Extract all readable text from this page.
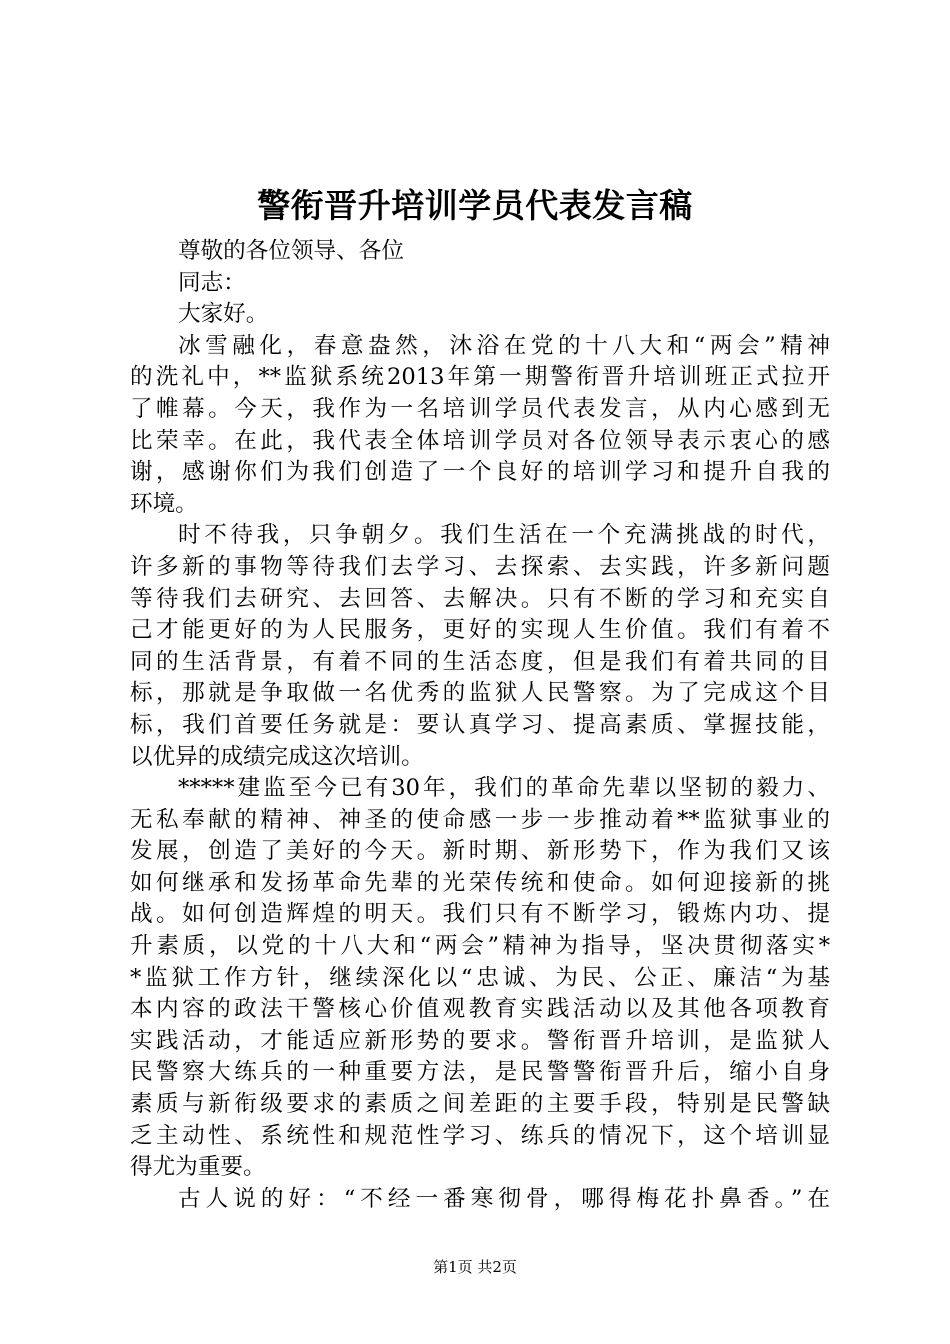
警衔晋升培训学员代表发言稿

尊敬的各位领导、各位
同志：

大家好。

冰雪融化，春意盎然，沐浴在党的十八大和“两会”精神
的洗礼中，**监狱系统2013年第一期警衔晋升培训班正式拉开
了帷幕。今天，我作为一名培训学员代表发言，从内心感到无
比荣幸。在此，我代表全体培训学员对各位领导表示衷心的感
谢，感谢你们为我们创造了一个良好的培训学习和提升自我的
环境。

时不待我，只争朝夕。我们生活在一个充满挑战的时代，
许多新的事物等待我们去学习、去探索、去实践，许多新问题
等待我们去研究、去回答、去解决。只有不断的学习和充实自
己才能更好的为人民服务，更好的实现人生价值。我们有着不
同的生活背景，有着不同的生活态度，但是我们有着共同的目
标，那就是争取做一名优秀的监狱人民警察。为了完成这个目
标，我们首要任务就是：要认真学习、提高素质、掌握技能，
以优异的成绩完成这次培训。

*****建监至今已有30年，我们的革命先辈以坚韧的毅力、
无私奉献的精神、神圣的使命感一步一步推动着**监狱事业的
发展，创造了美好的今天。新时期、新形势下，作为我们又该
如何继承和发扬革命先辈的光荣传统和使命。如何迎接新的挑
战。如何创造辉煌的明天。我们只有不断学习，锻炼内功、提
升素质，以党的十八大和“两会”精神为指导，坚决贯彻落实*
*监狱工作方针，继续深化以“忠诚、为民、公正、廉洁“为基
本内容的政法干警核心价值观教育实践活动以及其他各项教育
实践活动，才能适应新形势的要求。警衔晋升培训，是监狱人
民警察大练兵的一种重要方法，是民警警衔晋升后，缩小自身
素质与新衔级要求的素质之间差距的主要手段，特别是民警缺
乏主动性、系统性和规范性学习、练兵的情况下，这个培训显
得尤为重要。

古人说的好：“不经一番寒彻骨，哪得梅花扑鼻香。”在

第1页 共2页
